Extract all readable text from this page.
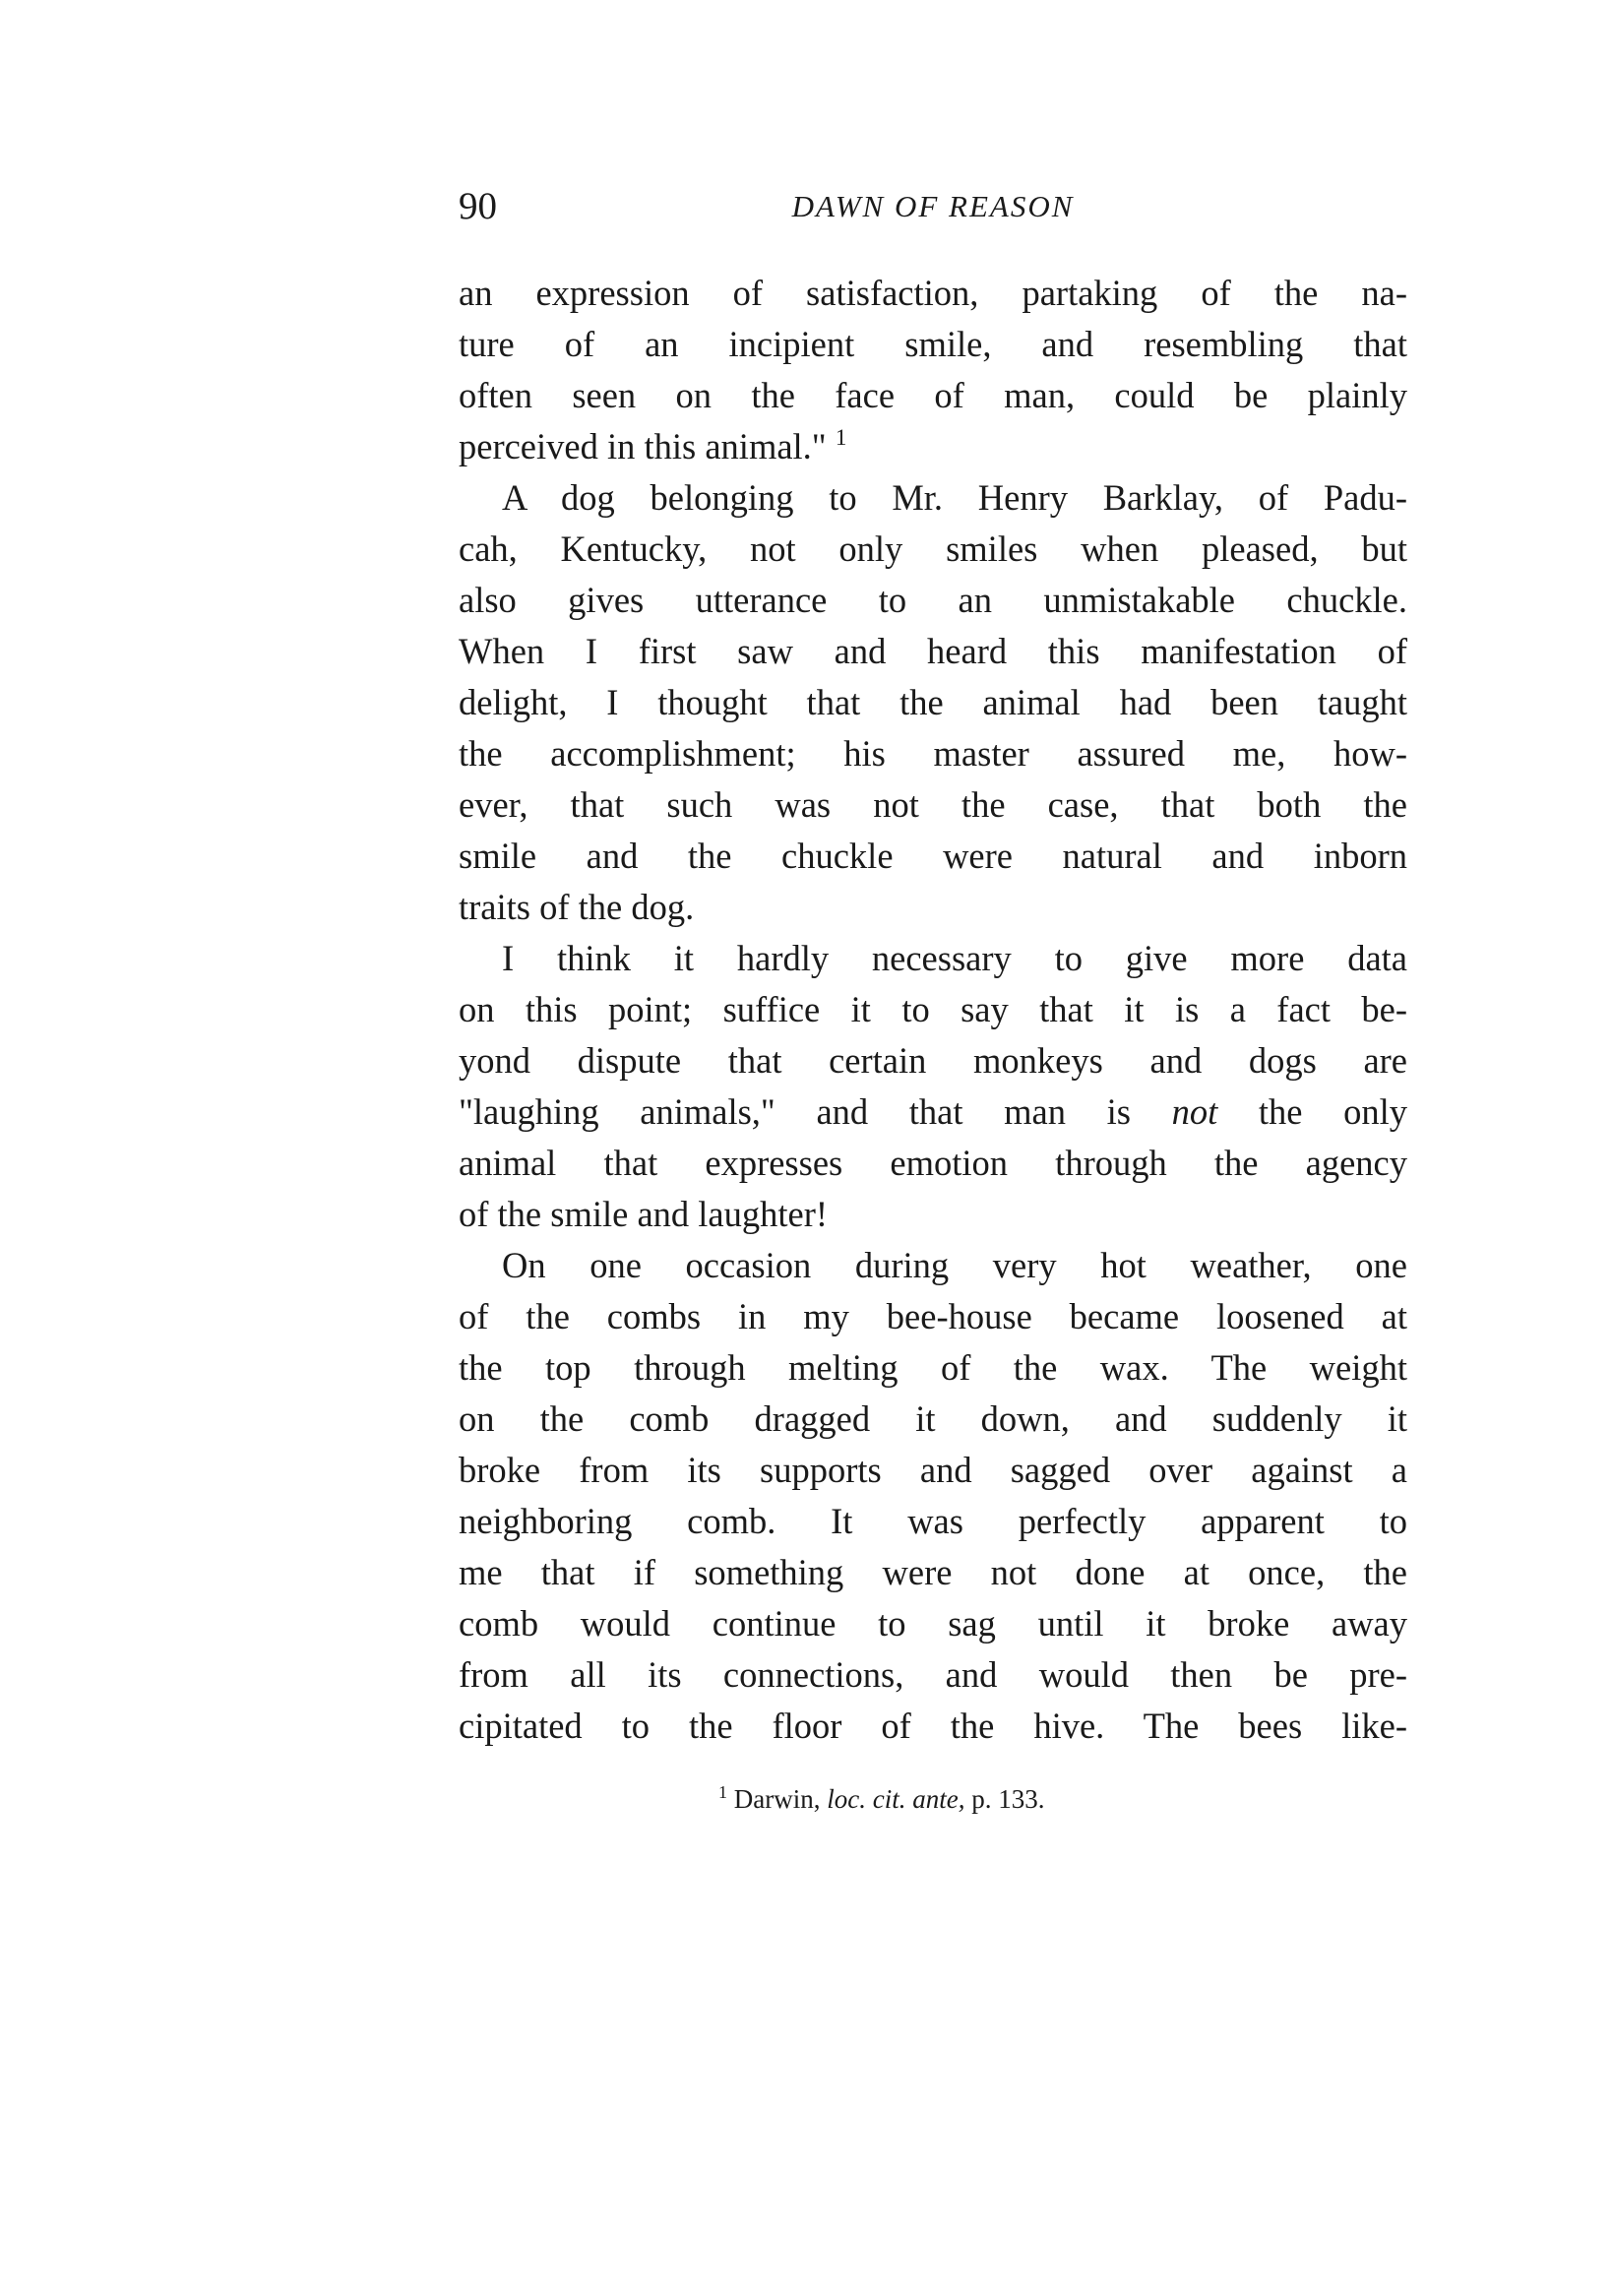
90	DAWN OF REASON
an expression of satisfaction, partaking of the na-
ture of an incipient smile, and resembling that
often seen on the face of man, could be plainly
perceived in this animal." $^1$
A dog belonging to Mr. Henry Barklay, of Padu-
cah, Kentucky, not only smiles when pleased, but
also gives utterance to an unmistakable chuckle.
When I first saw and heard this manifestation of
delight, I thought that the animal had been taught
the accomplishment; his master assured me, how-
ever, that such was not the case, that both the
smile and the chuckle were natural and inborn
traits of the dog.
I think it hardly necessary to give more data
on this point; suffice it to say that it is a fact be-
yond dispute that certain monkeys and dogs are
"laughing animals," and that man is not the only
animal that expresses emotion through the agency
of the smile and laughter!
On one occasion during very hot weather, one
of the combs in my bee-house became loosened at
the top through melting of the wax. The weight
on the comb dragged it down, and suddenly it
broke from its supports and sagged over against a
neighboring comb. It was perfectly apparent to
me that if something were not done at once, the
comb would continue to sag until it broke away
from all its connections, and would then be pre-
cipitated to the floor of the hive. The bees like-
$^1$ Darwin, loc. cit. ante, p. 133.
